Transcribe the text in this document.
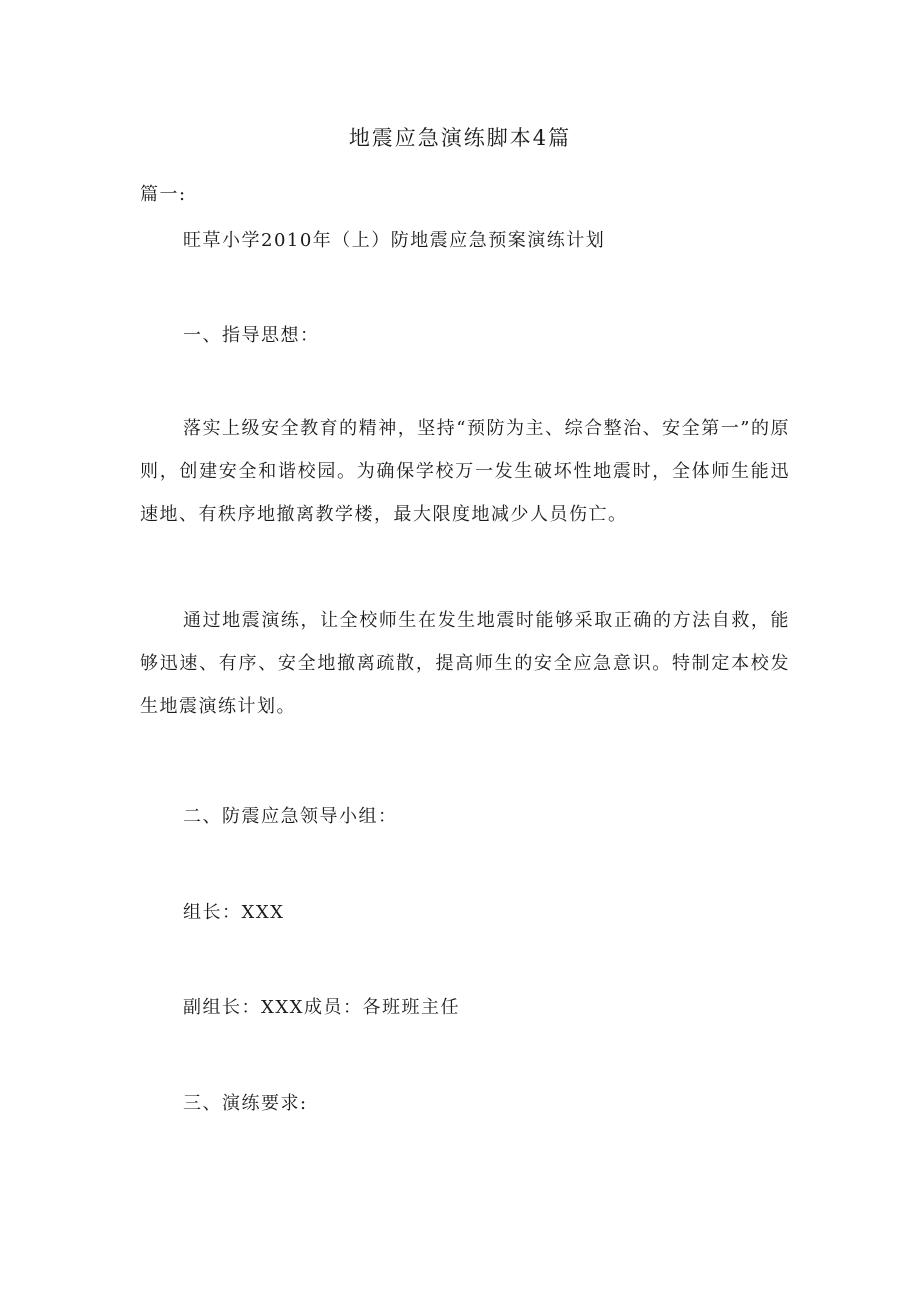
地震应急演练脚本4篇
篇一:
旺草小学2010年（上）防地震应急预案演练计划
一、指导思想：
落实上级安全教育的精神，坚持“预防为主、综合整治、安全第一”的原则，创建安全和谐校园。为确保学校万一发生破坏性地震时，全体师生能迅速地、有秩序地撤离教学楼，最大限度地减少人员伤亡。
通过地震演练，让全校师生在发生地震时能够采取正确的方法自救，能够迅速、有序、安全地撤离疏散，提高师生的安全应急意识。特制定本校发生地震演练计划。
二、防震应急领导小组：
组长：XXX
副组长：XXX成员：各班班主任
三、演练要求:
